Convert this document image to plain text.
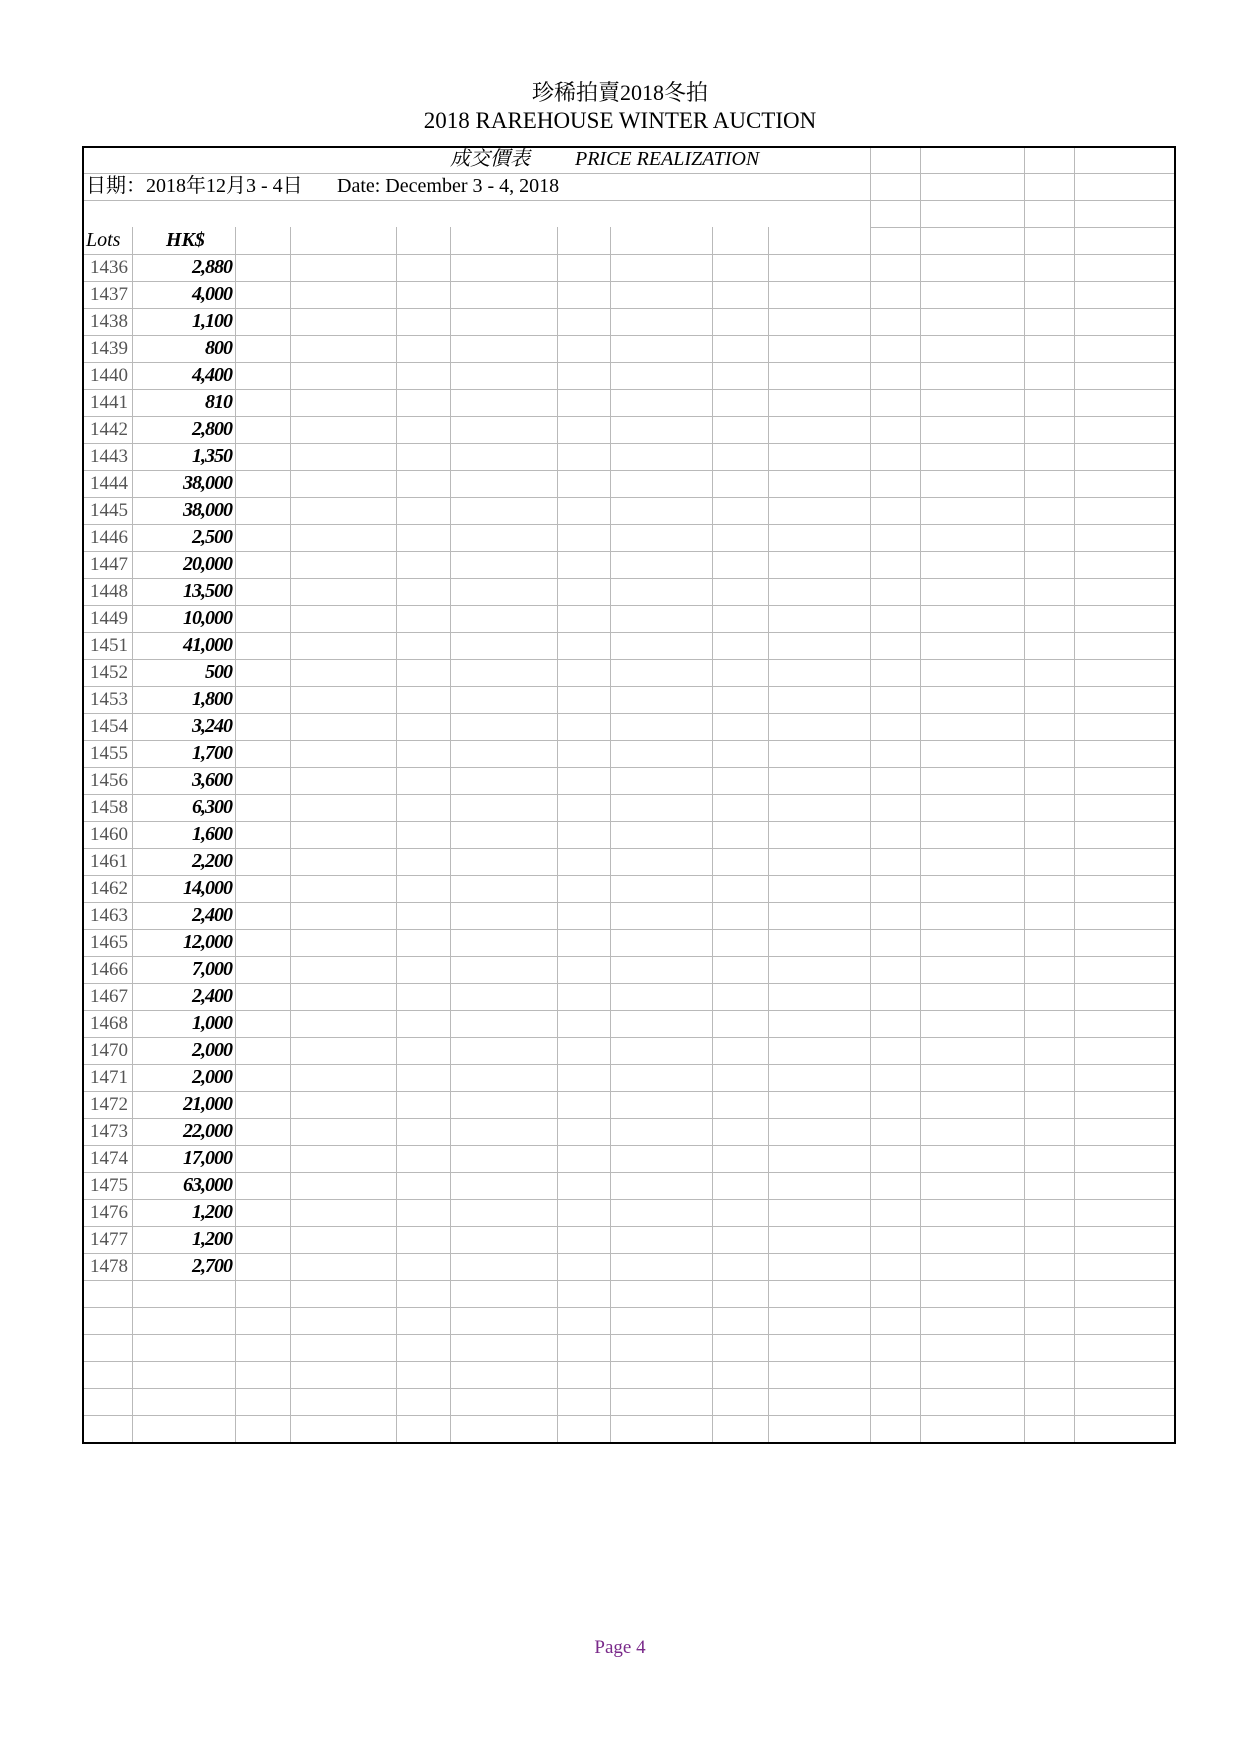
珍稀拍賣2018冬拍
2018 RAREHOUSE WINTER AUCTION
成交價表 PRICE REALIZATION
日期：2018年12月3 - 4日 Date: December 3 - 4, 2018
Lots HK$
1436	2,880
1437	4,000
1438	1,100
1439	800
1440	4,400
1441	810
1442	2,800
1443	1,350
1444	38,000
1445	38,000
1446	2,500
1447	20,000
1448	13,500
1449	10,000
1451	41,000
1452	500
1453	1,800
1454	3,240
1455	1,700
1456	3,600
1458	6,300
1460	1,600
1461	2,200
1462	14,000
1463	2,400
1465	12,000
1466	7,000
1467	2,400
1468	1,000
1470	2,000
1471	2,000
1472	21,000
1473	22,000
1474	17,000
1475	63,000
1476	1,200
1477	1,200
1478	2,700
Page 4
